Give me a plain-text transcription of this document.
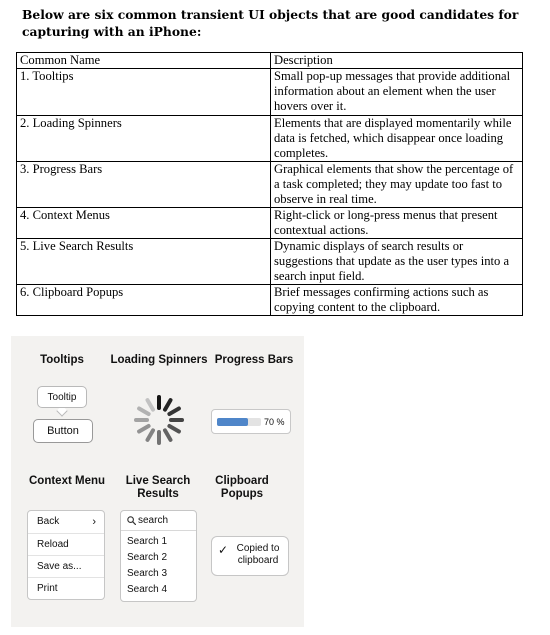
Below are six common transient UI objects that are good candidates for capturing with an iPhone:
Common Name	Description
1. Tooltips	Small pop-up messages that provide additional information about an element when the user hovers over it.
2. Loading Spinners	Elements that are displayed momentarily while data is fetched, which disappear once loading completes.
3. Progress Bars	Graphical elements that show the percentage of a task completed; they may update too fast to observe in real time.
4. Context Menus	Right-click or long-press menus that present contextual actions.
5. Live Search Results	Dynamic displays of search results or suggestions that update as the user types into a search input field.
6. Clipboard Popups	Brief messages confirming actions such as copying content to the clipboard.
Tooltips	Loading Spinners Progress Bars
Tooltip
Button
70 %
Context Menu	Live Search
Results
Clipboard
Popups
Back	›
Reload
Save as...
Print
search
Search 1
Search 2
Search 3
Search 4
✓ Copied to
clipboard
